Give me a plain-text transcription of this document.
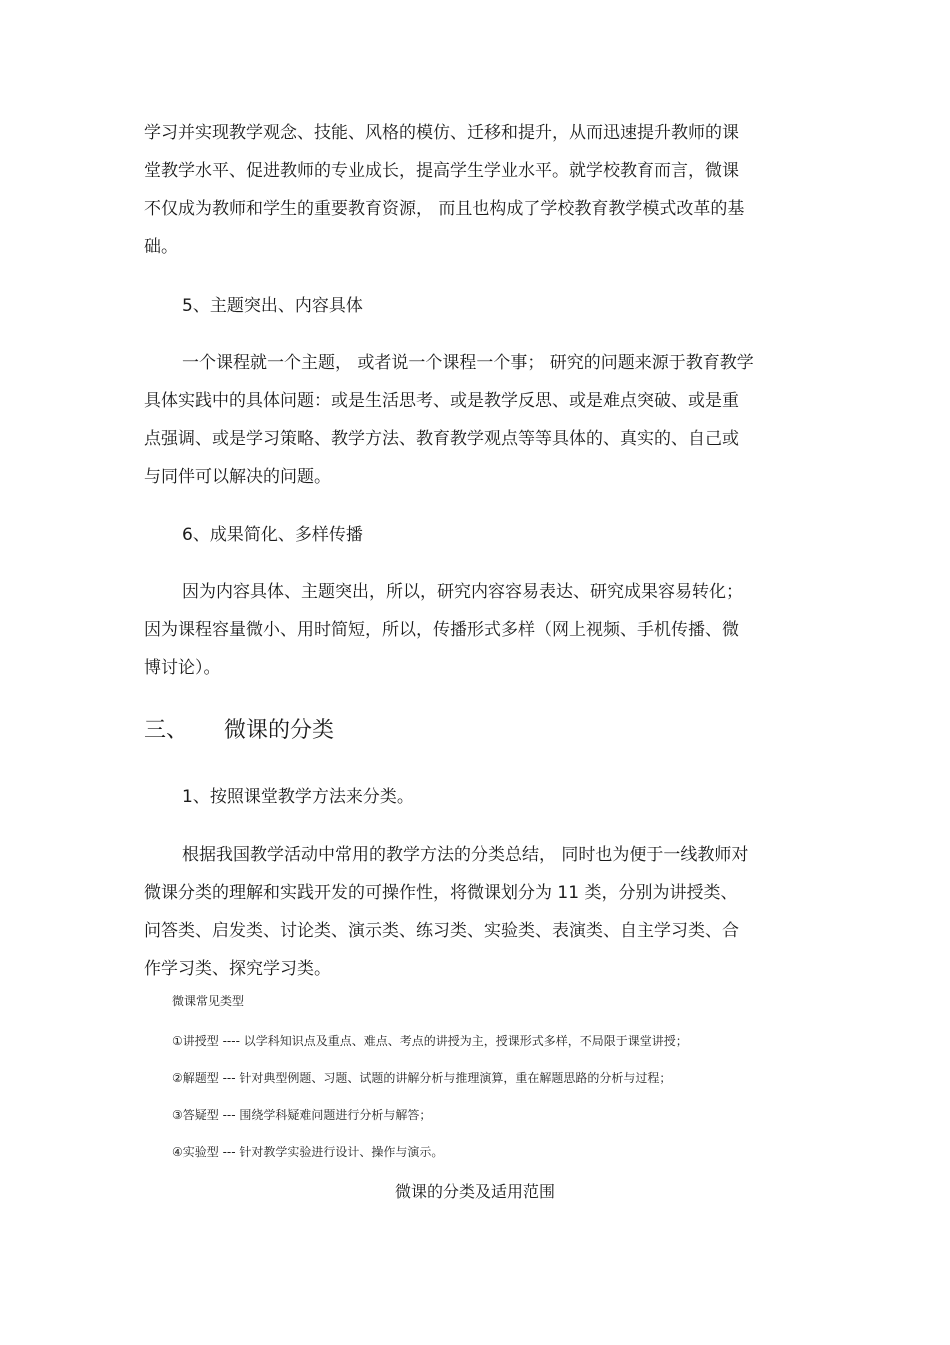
学习并实现教学观念、技能、风格的模仿、迁移和提升，从而迅速提升教师的课
堂教学水平、促进教师的专业成长，提高学生学业水平。就学校教育而言，微课
不仅成为教师和学生的重要教育资源， 而且也构成了学校教育教学模式改革的基
础。
5、主题突出、内容具体
一个课程就一个主题， 或者说一个课程一个事； 研究的问题来源于教育教学
具体实践中的具体问题：或是生活思考、或是教学反思、或是难点突破、或是重
点强调、或是学习策略、教学方法、教育教学观点等等具体的、真实的、自己或
与同伴可以解决的问题。
6、成果简化、多样传播
因为内容具体、主题突出，所以，研究内容容易表达、研究成果容易转化；
因为课程容量微小、用时简短，所以，传播形式多样（网上视频、手机传播、微
博讨论）。
三、 微课的分类
1、按照课堂教学方法来分类。
根据我国教学活动中常用的教学方法的分类总结， 同时也为便于一线教师对
微课分类的理解和实践开发的可操作性，将微课划分为 11 类，分别为讲授类、
问答类、启发类、讨论类、演示类、练习类、实验类、表演类、自主学习类、合
作学习类、探究学习类。
微课常见类型
①讲授型 ---- 以学科知识点及重点、难点、考点的讲授为主，授课形式多样，不局限于课堂讲授；
②解题型 --- 针对典型例题、习题、试题的讲解分析与推理演算，重在解题思路的分析与过程；
③答疑型 --- 围绕学科疑难问题进行分析与解答；
④实验型 --- 针对教学实验进行设计、操作与演示。
微课的分类及适用范围
